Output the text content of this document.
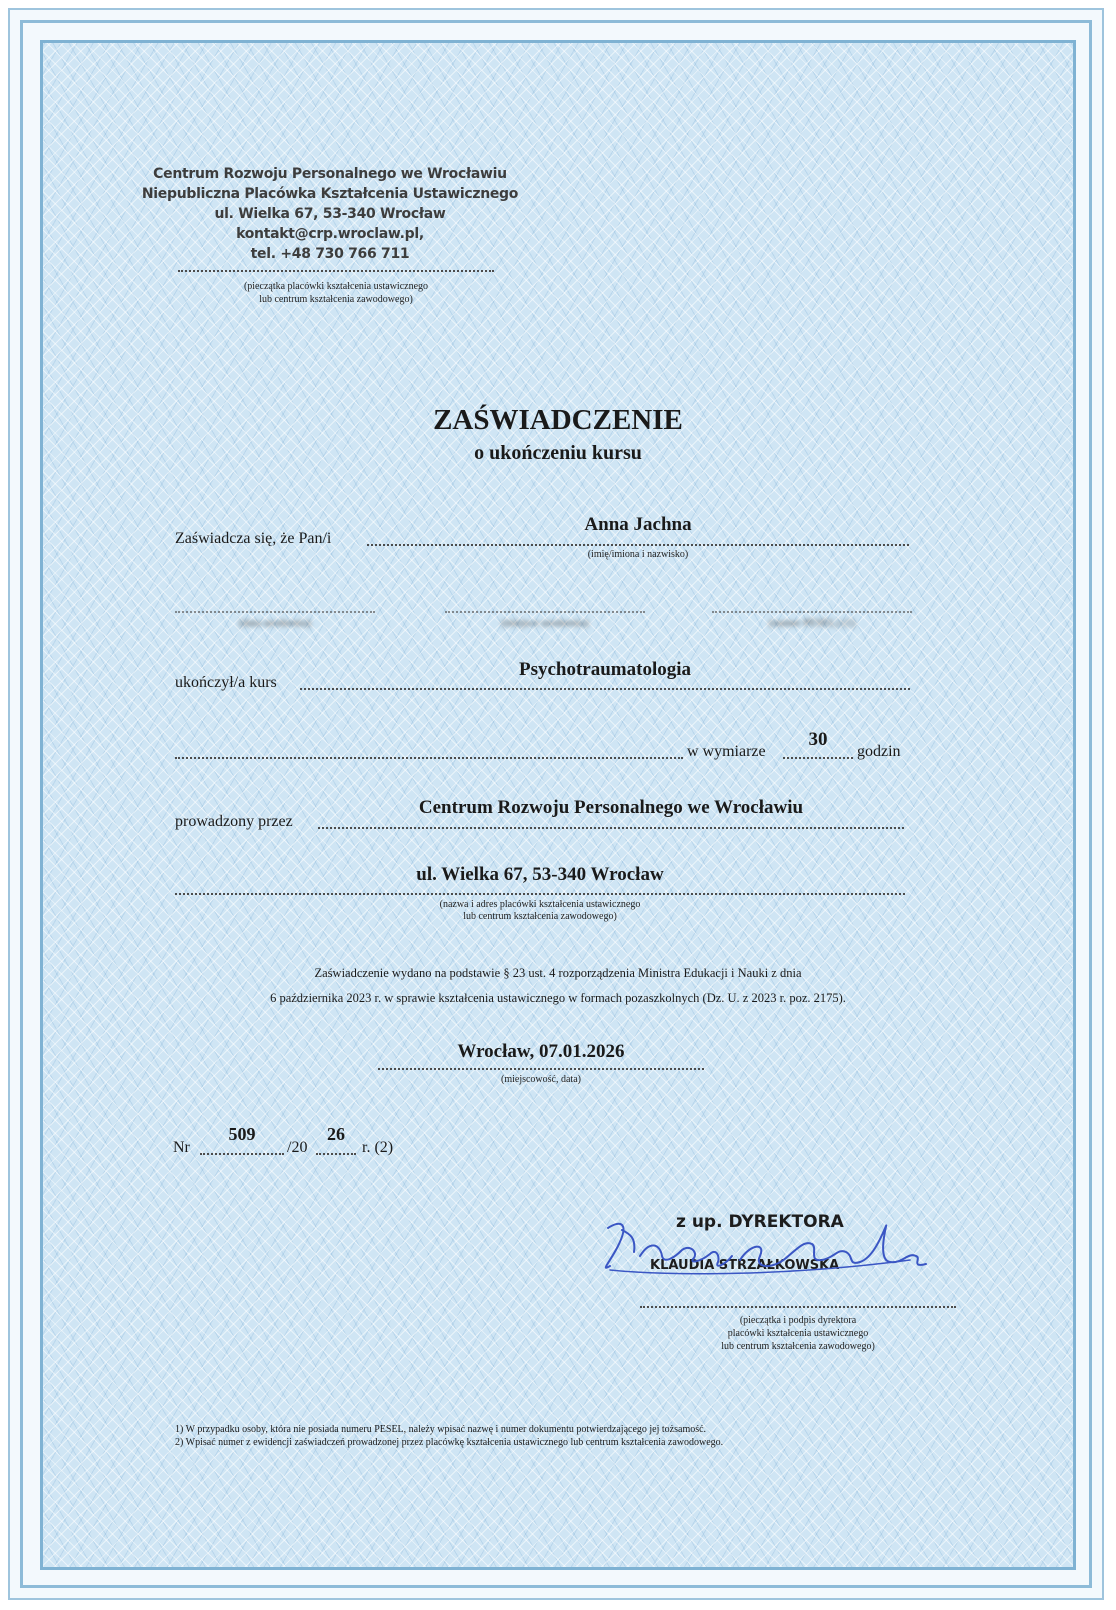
Centrum Rozwoju Personalnego we Wrocławiu
Niepubliczna Placówka Kształcenia Ustawicznego
ul. Wielka 67, 53-340 Wrocław
kontakt@crp.wroclaw.pl,
tel. +48 730 766 711
(pieczątka placówki kształcenia ustawicznego
lub centrum kształcenia zawodowego)
ZAŚWIADCZENIE
o ukończeniu kursu
Zaświadcza się, że Pan/i
Anna Jachna
(imię/imiona i nazwisko)
(data urodzenia)	(miejsce urodzenia)	(numer PESEL) (1)
ukończył/a kurs
Psychotraumatologia
w wymiarze
30
godzin
prowadzony przez
Centrum Rozwoju Personalnego we Wrocławiu
ul. Wielka 67, 53-340 Wrocław
(nazwa i adres placówki kształcenia ustawicznego
lub centrum kształcenia zawodowego)
Zaświadczenie wydano na podstawie § 23 ust. 4 rozporządzenia Ministra Edukacji i Nauki z dnia
6 października 2023 r. w sprawie kształcenia ustawicznego w formach pozaszkolnych (Dz. U. z 2023 r. poz. 2175).
Wrocław, 07.01.2026
(miejscowość, data)
Nr
509
/20
26
r. (2)
z up. DYREKTORA
KLAUDIA STRZAŁKOWSKA
(pieczątka i podpis dyrektora
placówki kształcenia ustawicznego
lub centrum kształcenia zawodowego)
1) W przypadku osoby, która nie posiada numeru PESEL, należy wpisać nazwę i numer dokumentu potwierdzającego jej tożsamość.
2) Wpisać numer z ewidencji zaświadczeń prowadzonej przez placówkę kształcenia ustawicznego lub centrum kształcenia zawodowego.
